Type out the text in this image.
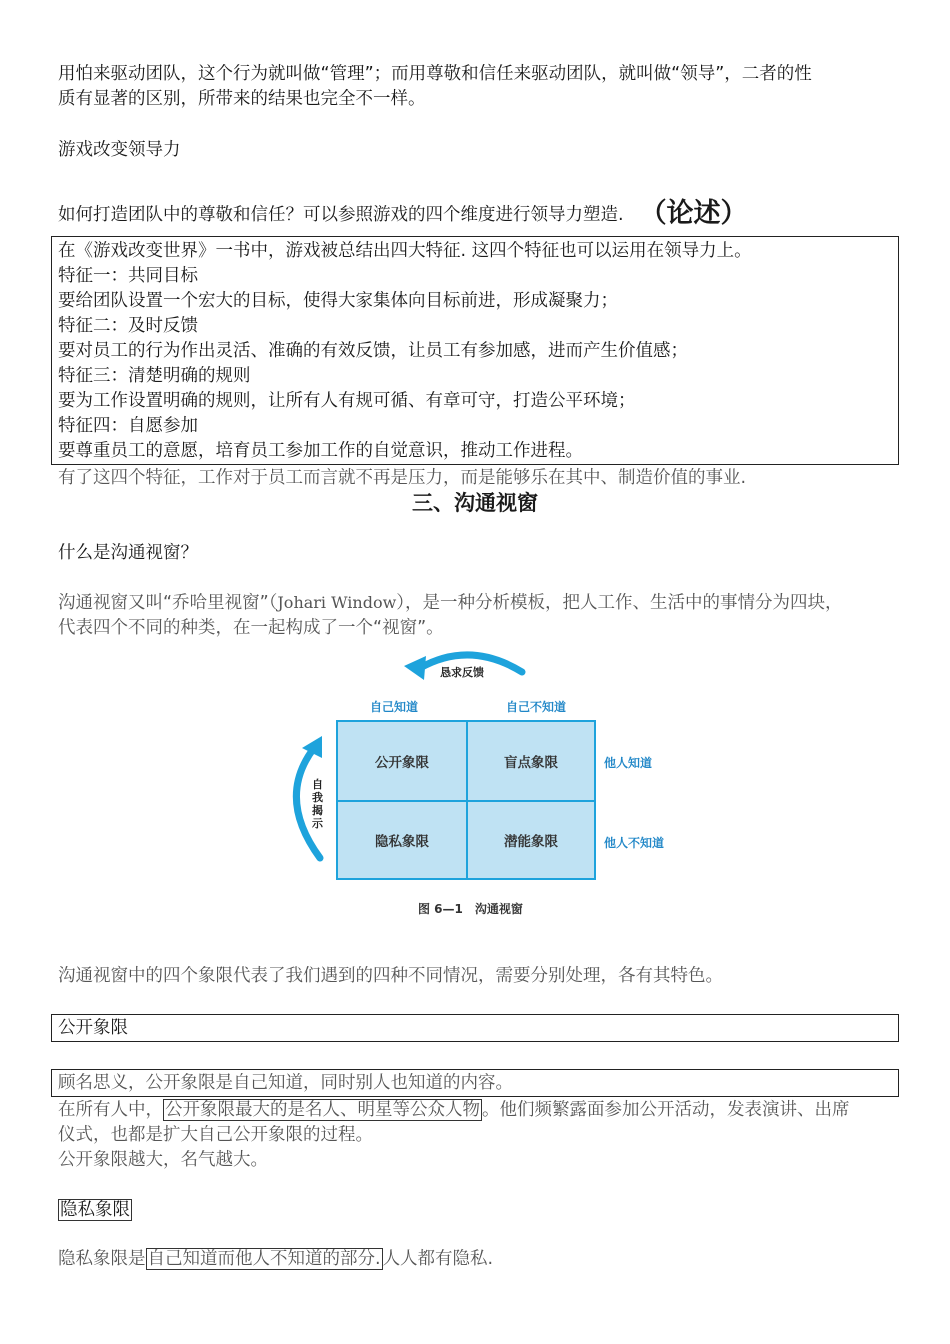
用怕来驱动团队，这个行为就叫做“管理”；而用尊敬和信任来驱动团队，就叫做“领导”，二者的性
质有显著的区别，所带来的结果也完全不一样。

游戏改变领导力

如何打造团队中的尊敬和信任？可以参照游戏的四个维度进行领导力塑造. （论述）

在《游戏改变世界》一书中，游戏被总结出四大特征. 这四个特征也可以运用在领导力上。
特征一：共同目标
要给团队设置一个宏大的目标，使得大家集体向目标前进，形成凝聚力；
特征二：及时反馈
要对员工的行为作出灵活、准确的有效反馈，让员工有参加感，进而产生价值感；
特征三：清楚明确的规则
要为工作设置明确的规则，让所有人有规可循、有章可守，打造公平环境；
特征四：自愿参加
要尊重员工的意愿，培育员工参加工作的自觉意识，推动工作进程。

有了这四个特征，工作对于员工而言就不再是压力，而是能够乐在其中、制造价值的事业.

三、沟通视窗

什么是沟通视窗？

沟通视窗又叫“乔哈里视窗”（Johari Window），是一种分析模板，把人工作、生活中的事情分为四块，
代表四个不同的种类，在一起构成了一个“视窗”。

恳求反馈
自己知道	自己不知道
他人知道
他人不知道
自我揭示
公开象限	盲点象限
隐私象限	潜能象限
图 6—1　沟通视窗

沟通视窗中的四个象限代表了我们遇到的四种不同情况，需要分别处理，各有其特色。

公开象限
顾名思义，公开象限是自己知道，同时别人也知道的内容。

在所有人中， 公开象限最大的是名人、明星等公众人物 。他们频繁露面参加公开活动，发表演讲、出席
仪式，也都是扩大自己公开象限的过程。
公开象限越大，名气越大。

隐私象限

隐私象限是 自己知道而他人不知道的部分. 人人都有隐私.
